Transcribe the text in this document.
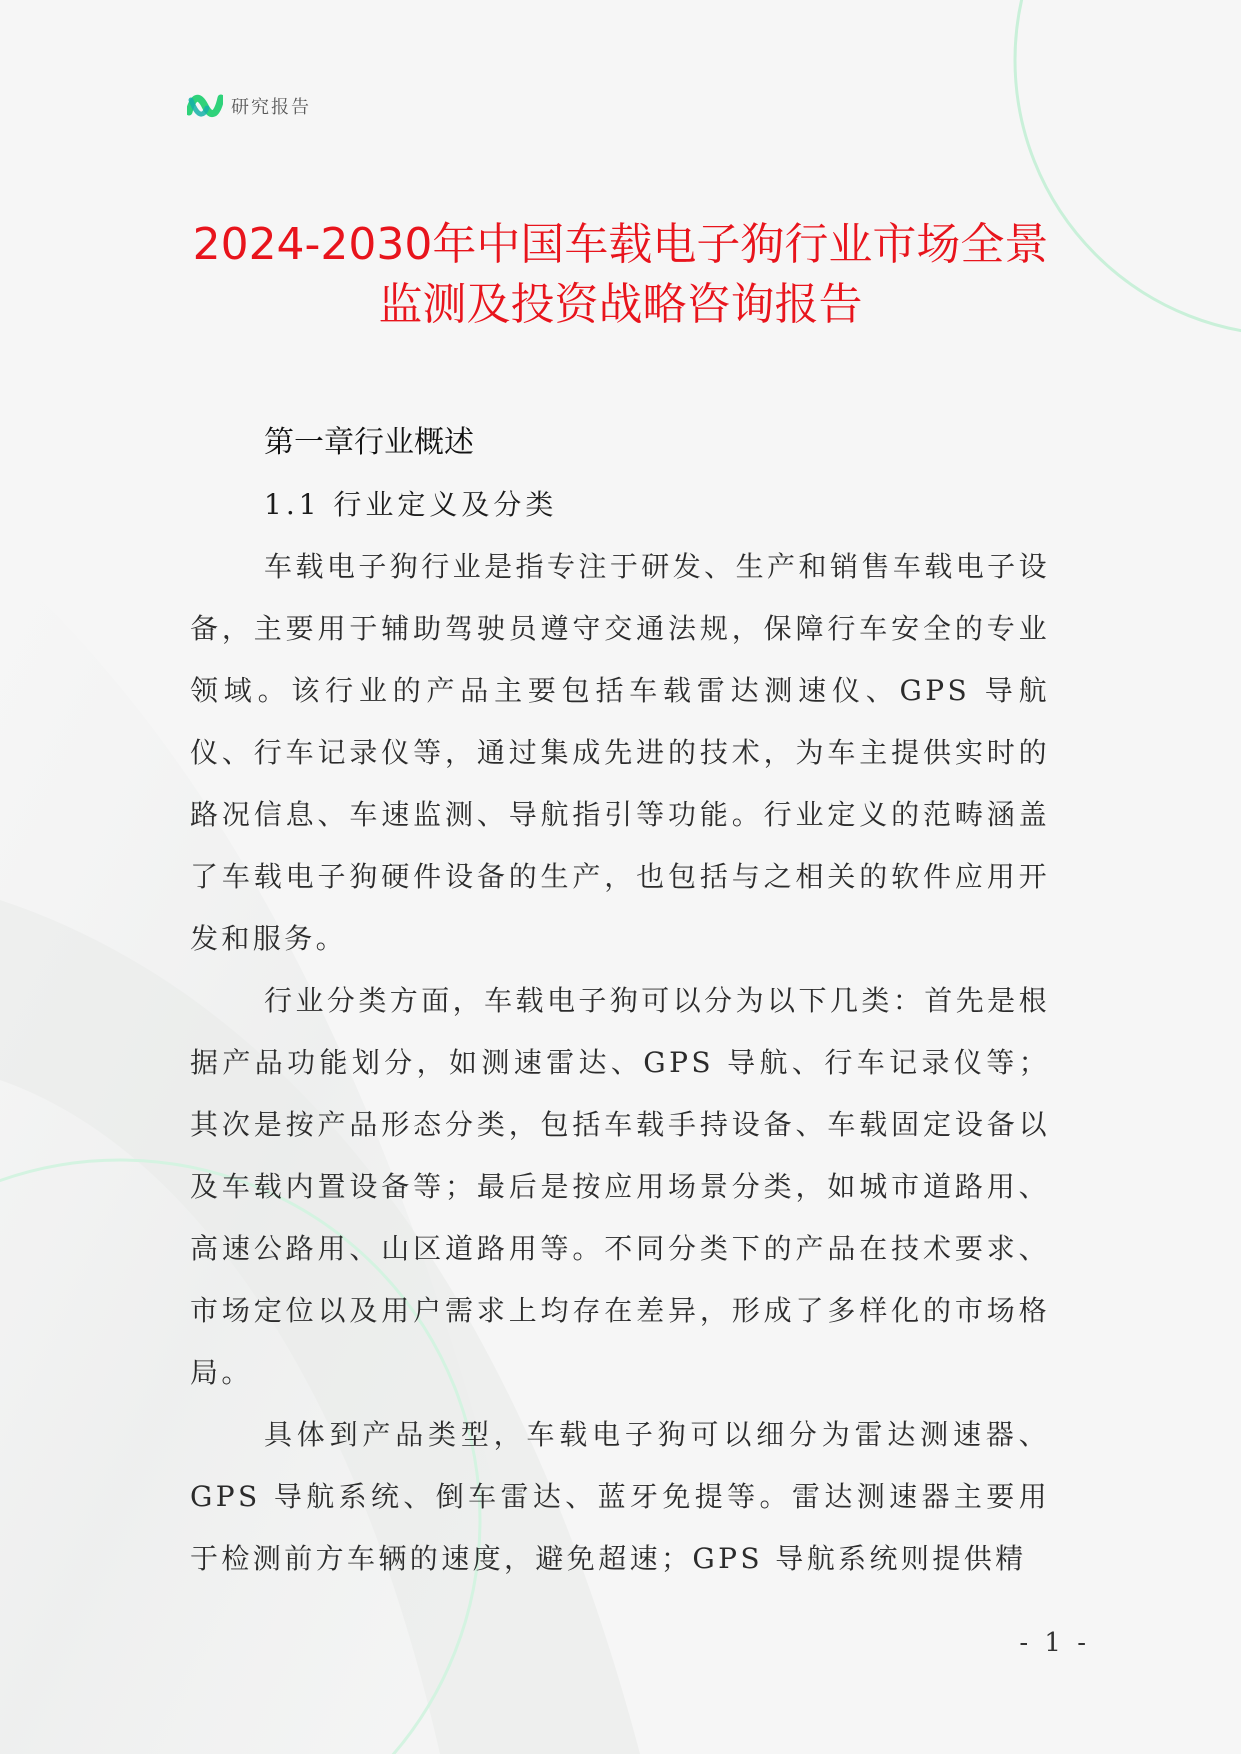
研究报告
2024-2030年中国车载电子狗行业市场全景
监测及投资战略咨询报告
第一章行业概述
1.1 行业定义及分类

车载电子狗行业是指专注于研发、生产和销售车载电子设备，主要用于辅助驾驶员遵守交通法规，保障行车安全的专业领域。该行业的产品主要包括车载雷达测速仪、GPS 导航仪、行车记录仪等，通过集成先进的技术，为车主提供实时的路况信息、车速监测、导航指引等功能。行业定义的范畴涵盖了车载电子狗硬件设备的生产，也包括与之相关的软件应用开发和服务。

行业分类方面，车载电子狗可以分为以下几类：首先是根据产品功能划分，如测速雷达、GPS 导航、行车记录仪等；其次是按产品形态分类，包括车载手持设备、车载固定设备以及车载内置设备等；最后是按应用场景分类，如城市道路用、高速公路用、山区道路用等。不同分类下的产品在技术要求、市场定位以及用户需求上均存在差异，形成了多样化的市场格局。

具体到产品类型，车载电子狗可以细分为雷达测速器、GPS 导航系统、倒车雷达、蓝牙免提等。雷达测速器主要用于检测前方车辆的速度，避免超速；GPS 导航系统则提供精

- 1 -
